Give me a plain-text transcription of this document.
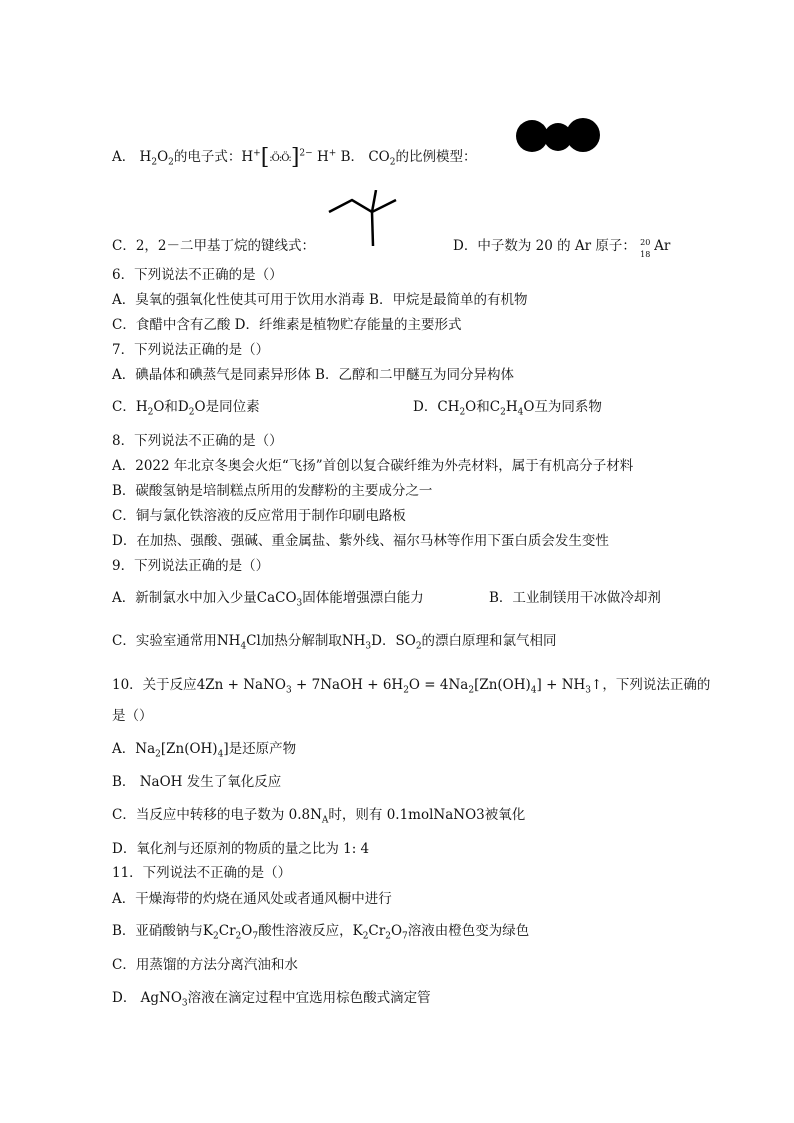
A． $H_2O_2$的电子式：H+[:Ö:Ö:]$^{2-}$ H+ B． $CO_2$的比例模型：
C．2，2－二甲基丁烷的键线式：	D．中子数为 20 的 Ar 原子： 20
18 Ar
6．下列说法不正确的是（）
A．臭氧的强氧化性使其可用于饮用水消毒 B．甲烷是最简单的有机物
C．食醋中含有乙酸 D．纤维素是植物贮存能量的主要形式
7．下列说法正确的是（）
A．碘晶体和碘蒸气是同素异形体 B．乙醇和二甲醚互为同分异构体
C．$H_2O$和$D_2O$是同位素	D．$CH_2O$和$C_2H_4O$互为同系物
8．下列说法不正确的是（）
A．2022 年北京冬奥会火炬“飞扬”首创以复合碳纤维为外壳材料，属于有机高分子材料
B．碳酸氢钠是培制糕点所用的发酵粉的主要成分之一
C．铜与氯化铁溶液的反应常用于制作印刷电路板
D．在加热、强酸、强碱、重金属盐、紫外线、福尔马林等作用下蛋白质会发生变性
9．下列说法正确的是（）
A．新制氯水中加入少量CaCO$_3$固体能增强漂白能力	B．工业制镁用干冰做冷却剂
C．实验室通常用$NH_4Cl$加热分解制取$NH_3D$．$SO_2$的漂白原理和氯气相同
10．关于反应4Zn + NaNO$_3$ + 7NaOH + $6H_2O = 4Na_2[Zn(OH)_4]$ + $NH_3↑$，下列说法正确的
是（）
A．$Na_2[Zn(OH)_4]$是还原产物
B． NaOH 发生了氧化反应
C．当反应中转移的电子数为 $0.8N_A$时，则有 0.1molNaNO3被氧化
D．氧化剂与还原剂的物质的量之比为 1: 4
11．下列说法不正确的是（）
A．干燥海带的灼烧在通风处或者通风橱中进行
B．亚硝酸钠与$K_2Cr_2O_7$酸性溶液反应，$K_2Cr_2O_7$溶液由橙色变为绿色
C．用蒸馏的方法分离汽油和水
D． AgNO$_3$溶液在滴定过程中宜选用棕色酸式滴定管
